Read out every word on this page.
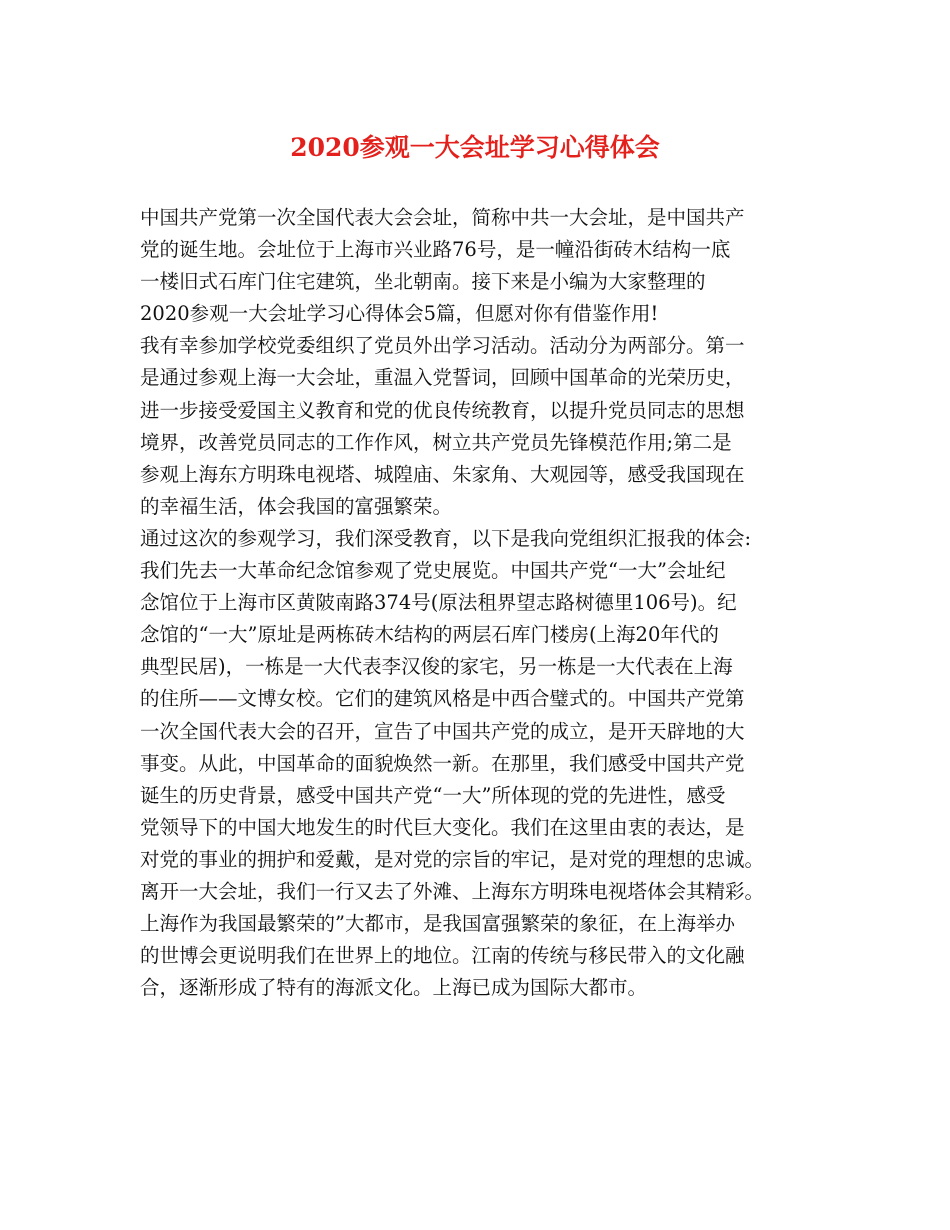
2020参观一大会址学习心得体会
中国共产党第一次全国代表大会会址，简称中共一大会址，是中国共产
党的诞生地。会址位于上海市兴业路76号，是一幢沿街砖木结构一底
一楼旧式石库门住宅建筑，坐北朝南。接下来是小编为大家整理的
2020参观一大会址学习心得体会5篇，但愿对你有借鉴作用!
我有幸参加学校党委组织了党员外出学习活动。活动分为两部分。第一
是通过参观上海一大会址，重温入党誓词，回顾中国革命的光荣历史，
进一步接受爱国主义教育和党的优良传统教育，以提升党员同志的思想
境界，改善党员同志的工作作风，树立共产党员先锋模范作用;第二是
参观上海东方明珠电视塔、城隍庙、朱家角、大观园等，感受我国现在
的幸福生活，体会我国的富强繁荣。
通过这次的参观学习，我们深受教育，以下是我向党组织汇报我的体会:
我们先去一大革命纪念馆参观了党史展览。中国共产党“一大”会址纪
念馆位于上海市区黄陂南路374号(原法租界望志路树德里106号)。纪
念馆的“一大”原址是两栋砖木结构的两层石库门楼房(上海20年代的
典型民居)，一栋是一大代表李汉俊的家宅，另一栋是一大代表在上海
的住所——文博女校。它们的建筑风格是中西合璧式的。中国共产党第
一次全国代表大会的召开，宣告了中国共产党的成立，是开天辟地的大
事变。从此，中国革命的面貌焕然一新。在那里，我们感受中国共产党
诞生的历史背景，感受中国共产党“一大”所体现的党的先进性，感受
党领导下的中国大地发生的时代巨大变化。我们在这里由衷的表达，是
对党的事业的拥护和爱戴，是对党的宗旨的牢记，是对党的理想的忠诚。
离开一大会址，我们一行又去了外滩、上海东方明珠电视塔体会其精彩。
上海作为我国最繁荣的”大都市，是我国富强繁荣的象征，在上海举办
的世博会更说明我们在世界上的地位。江南的传统与移民带入的文化融
合，逐渐形成了特有的海派文化。上海已成为国际大都市。
